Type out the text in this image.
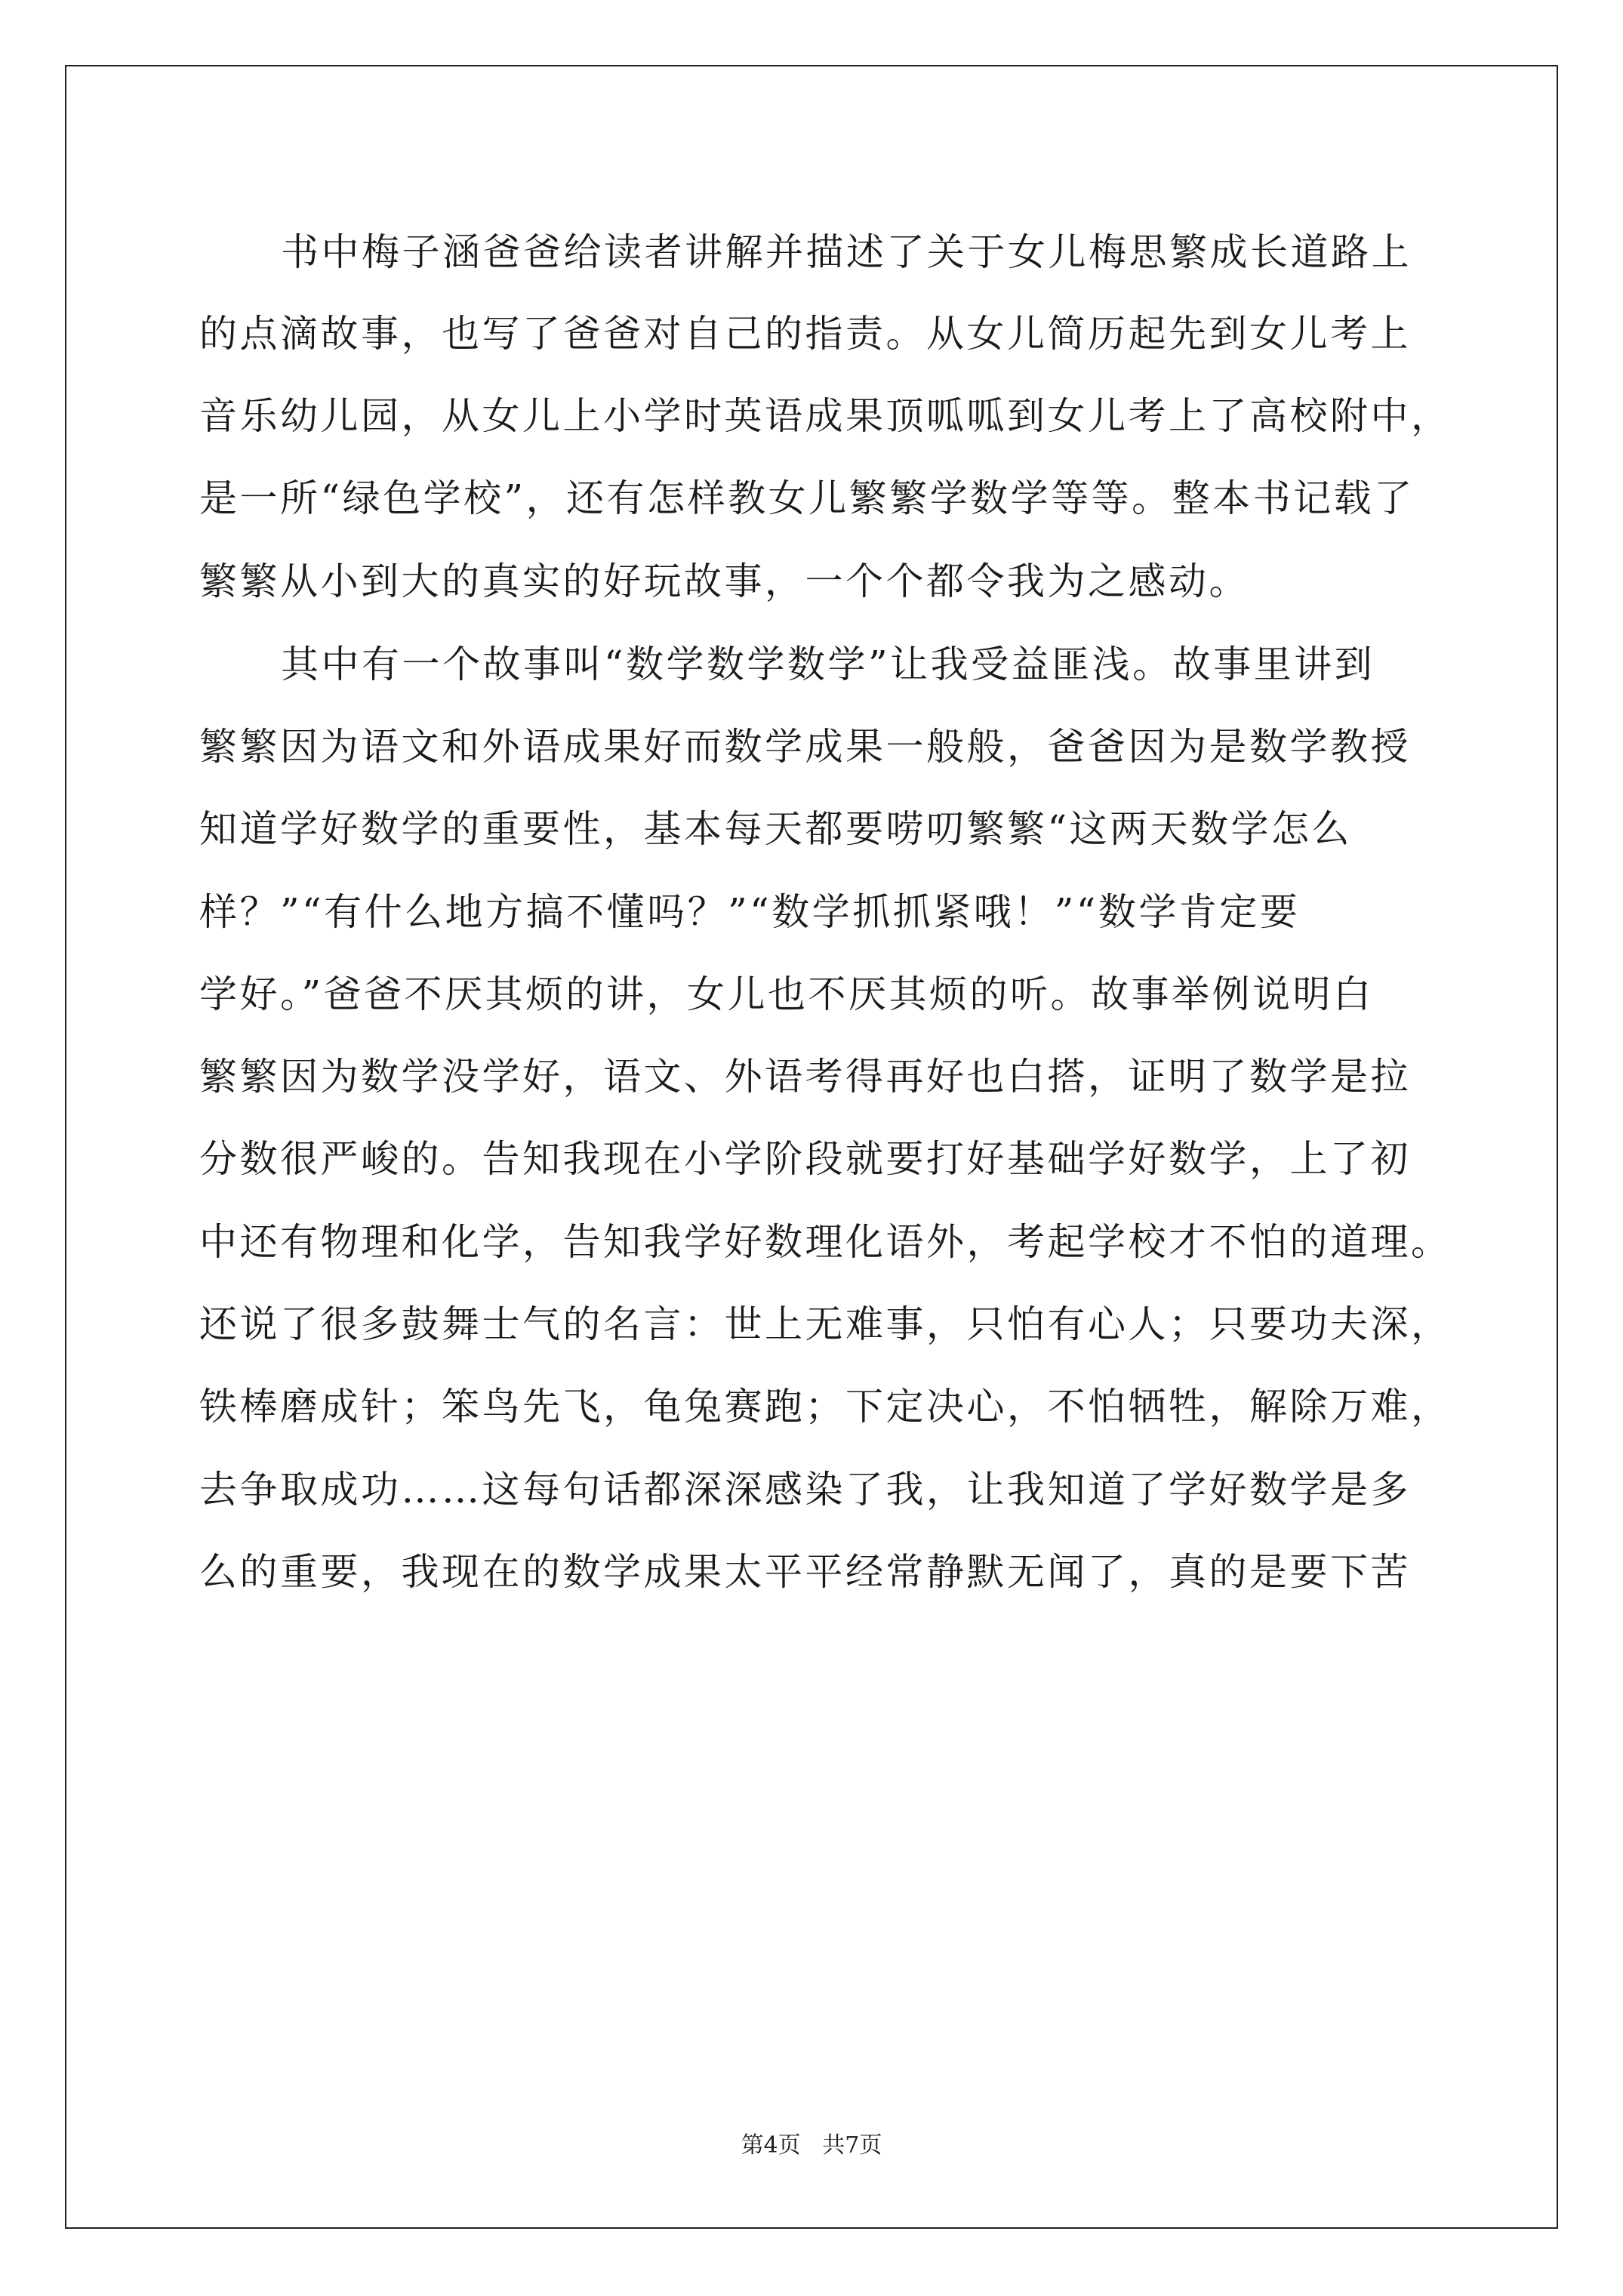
书中梅子涵爸爸给读者讲解并描述了关于女儿梅思繁成长道路上
的点滴故事，也写了爸爸对自己的指责。从女儿简历起先到女儿考上
音乐幼儿园，从女儿上小学时英语成果顶呱呱到女儿考上了高校附中，
是一所“绿色学校”，还有怎样教女儿繁繁学数学等等。整本书记载了
繁繁从小到大的真实的好玩故事，一个个都令我为之感动。
其中有一个故事叫“数学数学数学”让我受益匪浅。故事里讲到
繁繁因为语文和外语成果好而数学成果一般般，爸爸因为是数学教授
知道学好数学的重要性，基本每天都要唠叨繁繁“这两天数学怎么
样？”“有什么地方搞不懂吗？”“数学抓抓紧哦！”“数学肯定要
学好。”爸爸不厌其烦的讲，女儿也不厌其烦的听。故事举例说明白
繁繁因为数学没学好，语文、外语考得再好也白搭，证明了数学是拉
分数很严峻的。告知我现在小学阶段就要打好基础学好数学，上了初
中还有物理和化学，告知我学好数理化语外，考起学校才不怕的道理。
还说了很多鼓舞士气的名言：世上无难事，只怕有心人；只要功夫深，
铁棒磨成针；笨鸟先飞，龟兔赛跑；下定决心，不怕牺牲，解除万难，
去争取成功……这每句话都深深感染了我，让我知道了学好数学是多
么的重要，我现在的数学成果太平平经常静默无闻了，真的是要下苦
第4页   共7页
